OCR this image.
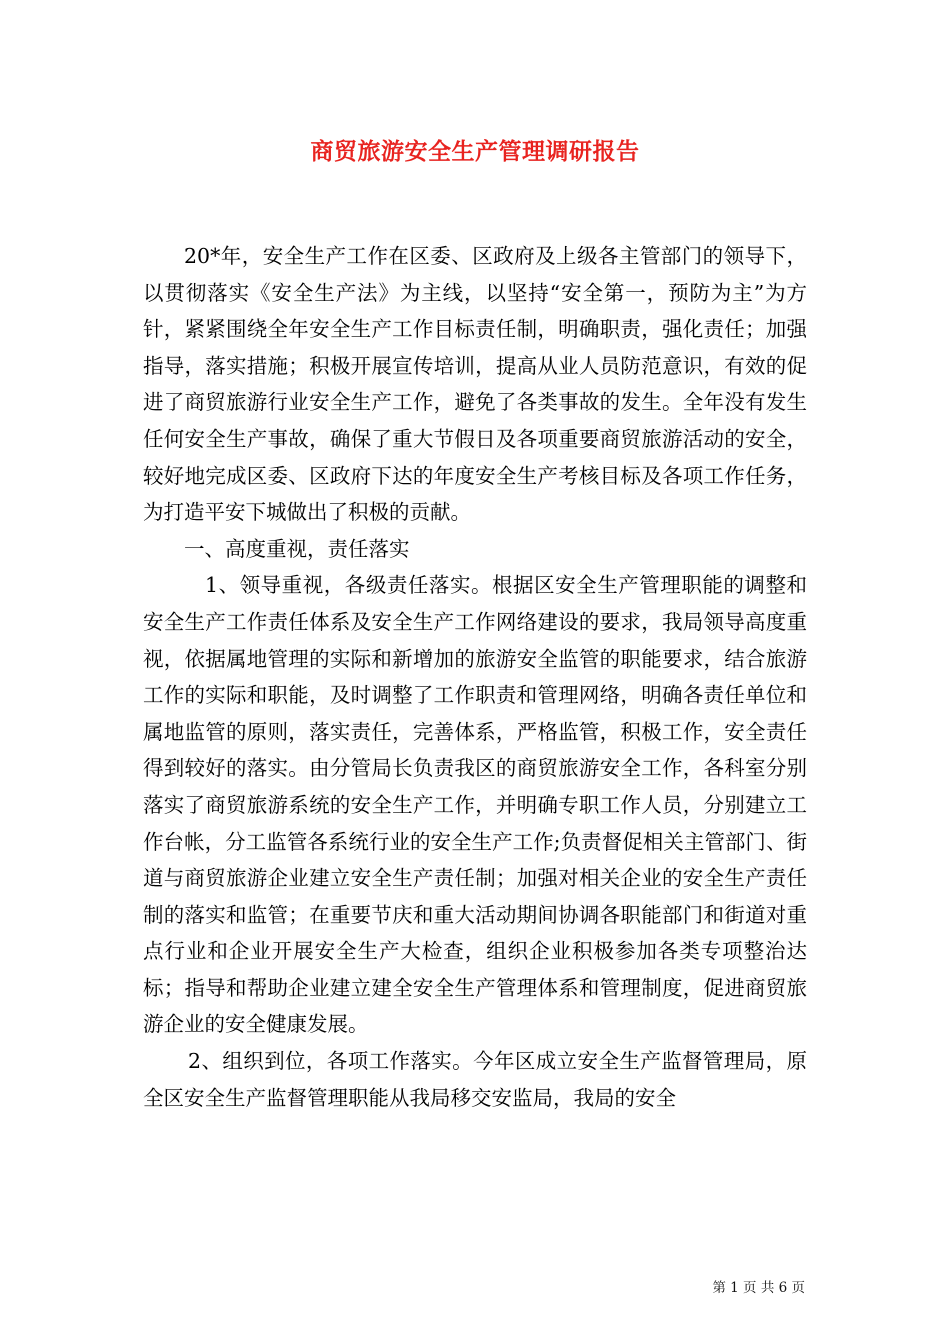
商贸旅游安全生产管理调研报告

20*年，安全生产工作在区委、区政府及上级各主管部门的领导下，以贯彻落实《安全生产法》为主线，以坚持“安全第一，预防为主”为方针，紧紧围绕全年安全生产工作目标责任制，明确职责，强化责任；加强指导，落实措施；积极开展宣传培训，提高从业人员防范意识，有效的促进了商贸旅游行业安全生产工作，避免了各类事故的发生。全年没有发生任何安全生产事故，确保了重大节假日及各项重要商贸旅游活动的安全，较好地完成区委、区政府下达的年度安全生产考核目标及各项工作任务，为打造平安下城做出了积极的贡献。

一、高度重视，责任落实

1、领导重视，各级责任落实。根据区安全生产管理职能的调整和安全生产工作责任体系及安全生产工作网络建设的要求，我局领导高度重视，依据属地管理的实际和新增加的旅游安全监管的职能要求，结合旅游工作的实际和职能，及时调整了工作职责和管理网络，明确各责任单位和属地监管的原则，落实责任，完善体系，严格监管，积极工作，安全责任得到较好的落实。由分管局长负责我区的商贸旅游安全工作，各科室分别落实了商贸旅游系统的安全生产工作，并明确专职工作人员，分别建立工作台帐，分工监管各系统行业的安全生产工作;负责督促相关主管部门、街道与商贸旅游企业建立安全生产责任制；加强对相关企业的安全生产责任制的落实和监管；在重要节庆和重大活动期间协调各职能部门和街道对重点行业和企业开展安全生产大检查，组织企业积极参加各类专项整治达标；指导和帮助企业建立建全安全生产管理体系和管理制度，促进商贸旅游企业的安全健康发展。

2、组织到位，各项工作落实。今年区成立安全生产监督管理局，原全区安全生产监督管理职能从我局移交安监局，我局的安全

第 1 页 共 6 页
